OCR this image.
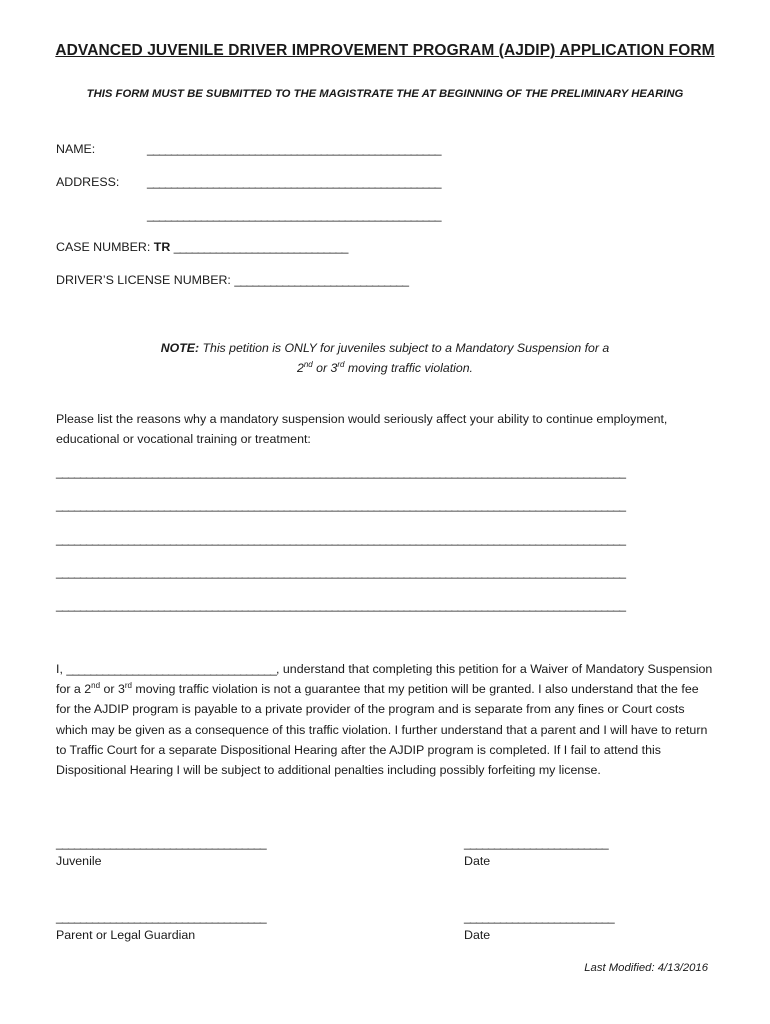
ADVANCED JUVENILE DRIVER IMPROVEMENT PROGRAM (AJDIP) APPLICATION FORM
THIS FORM MUST BE SUBMITTED TO THE MAGISTRATE THE AT BEGINNING OF THE PRELIMINARY HEARING
NAME:	_________________________________________________
ADDRESS: _________________________________________________
_________________________________________________
CASE NUMBER: TR _____________________________
DRIVER’S LICENSE NUMBER: _____________________________
NOTE: This petition is ONLY for juveniles subject to a Mandatory Suspension for a
2nd or 3rd moving traffic violation.
Please list the reasons why a mandatory suspension would seriously affect your ability to continue employment, educational or vocational training or treatment:
_______________________________________________________________________________________________
_______________________________________________________________________________________________
_______________________________________________________________________________________________
_______________________________________________________________________________________________
_______________________________________________________________________________________________
I, ___________________________________, understand that completing this petition for a Waiver of Mandatory Suspension for a 2nd or 3rd moving traffic violation is not a guarantee that my petition will be granted. I also understand that the fee for the AJDIP program is payable to a private provider of the program and is separate from any fines or Court costs which may be given as a consequence of this traffic violation. I further understand that a parent and I will have to return to Traffic Court for a separate Dispositional Hearing after the AJDIP program is completed. If I fail to attend this Dispositional Hearing I will be subject to additional penalties including possibly forfeiting my license.
___________________________________
Juvenile
________________________
Date
___________________________________
Parent or Legal Guardian
_________________________
Date
Last Modified: 4/13/2016
